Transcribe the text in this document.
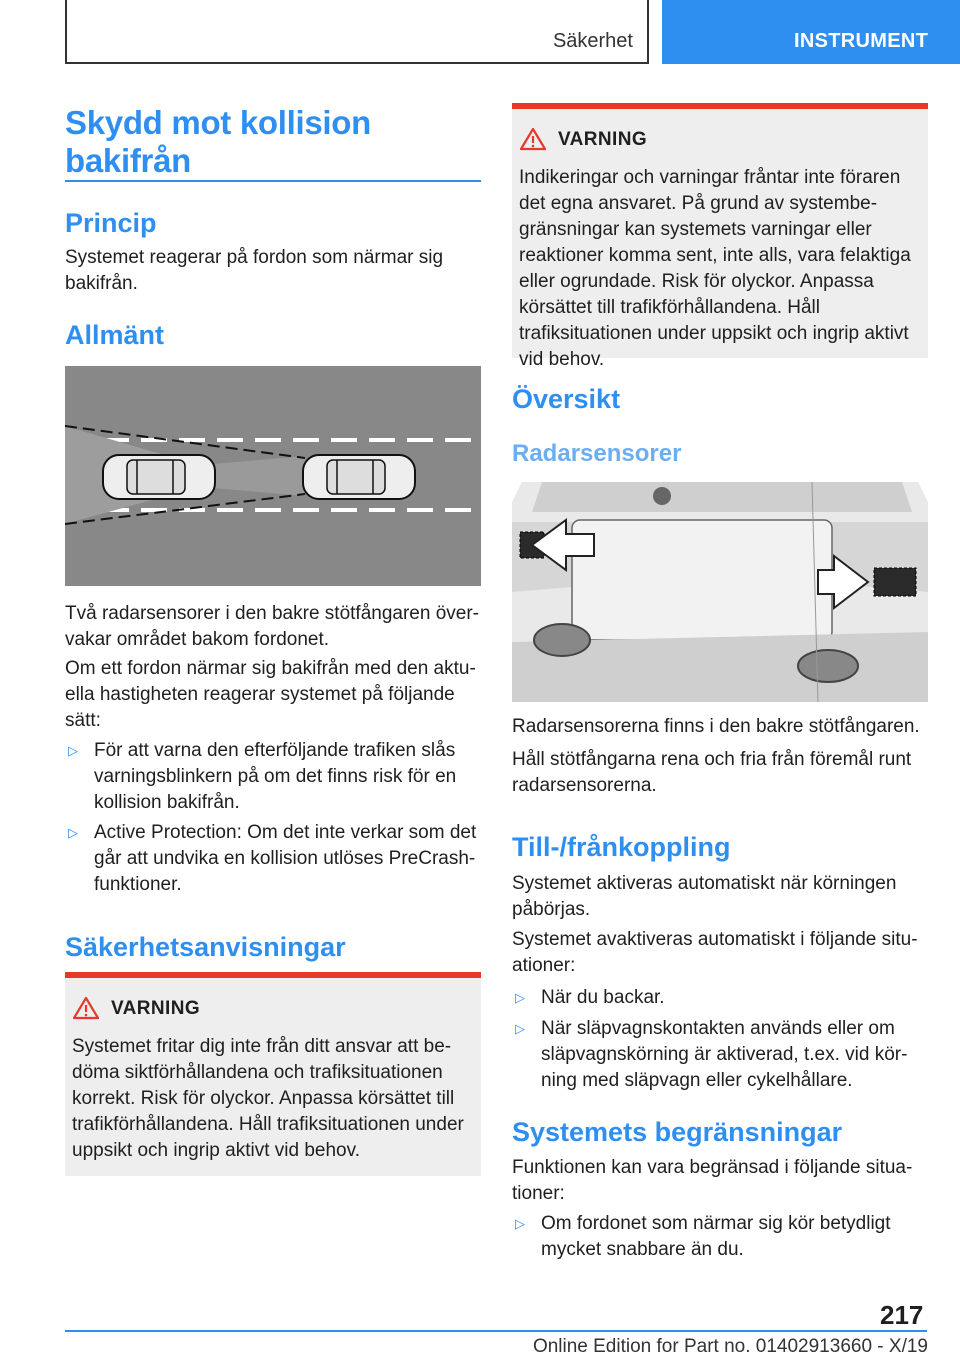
Säkerhet	INSTRUMENT
Skydd mot kollision
bakifrån
Princip
Systemet reagerar på fordon som närmar sig bakifrån.
Allmänt
Två radarsensorer i den bakre stötfångaren övervakar området bakom fordonet.
Om ett fordon närmar sig bakifrån med den aktuella hastigheten reagerar systemet på följande sätt:
▷ För att varna den efterföljande trafiken slås varningsblinkern på om det finns risk för en kollision bakifrån.
▷ Active Protection: Om det inte verkar som det går att undvika en kollision utlöses PreCrash-funktioner.
Säkerhetsanvisningar
VARNING
Systemet fritar dig inte från ditt ansvar att bedöma siktförhållandena och trafiksituationen korrekt. Risk för olyckor. Anpassa körsättet till trafikförhållandena. Håll trafiksituationen under uppsikt och ingrip aktivt vid behov.
VARNING
Indikeringar och varningar fråntar inte föraren det egna ansvaret. På grund av systembegränsningar kan systemets varningar eller reaktioner komma sent, inte alls, vara felaktiga eller ogrundade. Risk för olyckor. Anpassa körsättet till trafikförhållandena. Håll trafiksituationen under uppsikt och ingrip aktivt vid behov.
Översikt
Radarsensorer
Radarsensorerna finns i den bakre stötfångaren.
Håll stötfångarna rena och fria från föremål runt radarsensorerna.
Till-/frånkoppling
Systemet aktiveras automatiskt när körningen påbörjas.
Systemet avaktiveras automatiskt i följande situationer:
▷ När du backar.
▷ När släpvagnskontakten används eller om släpvagnskörning är aktiverad, t.ex. vid körning med släpvagn eller cykelhållare.
Systemets begränsningar
Funktionen kan vara begränsad i följande situationer:
▷ Om fordonet som närmar sig kör betydligt mycket snabbare än du.
217
Online Edition for Part no. 01402913660 - X/19
